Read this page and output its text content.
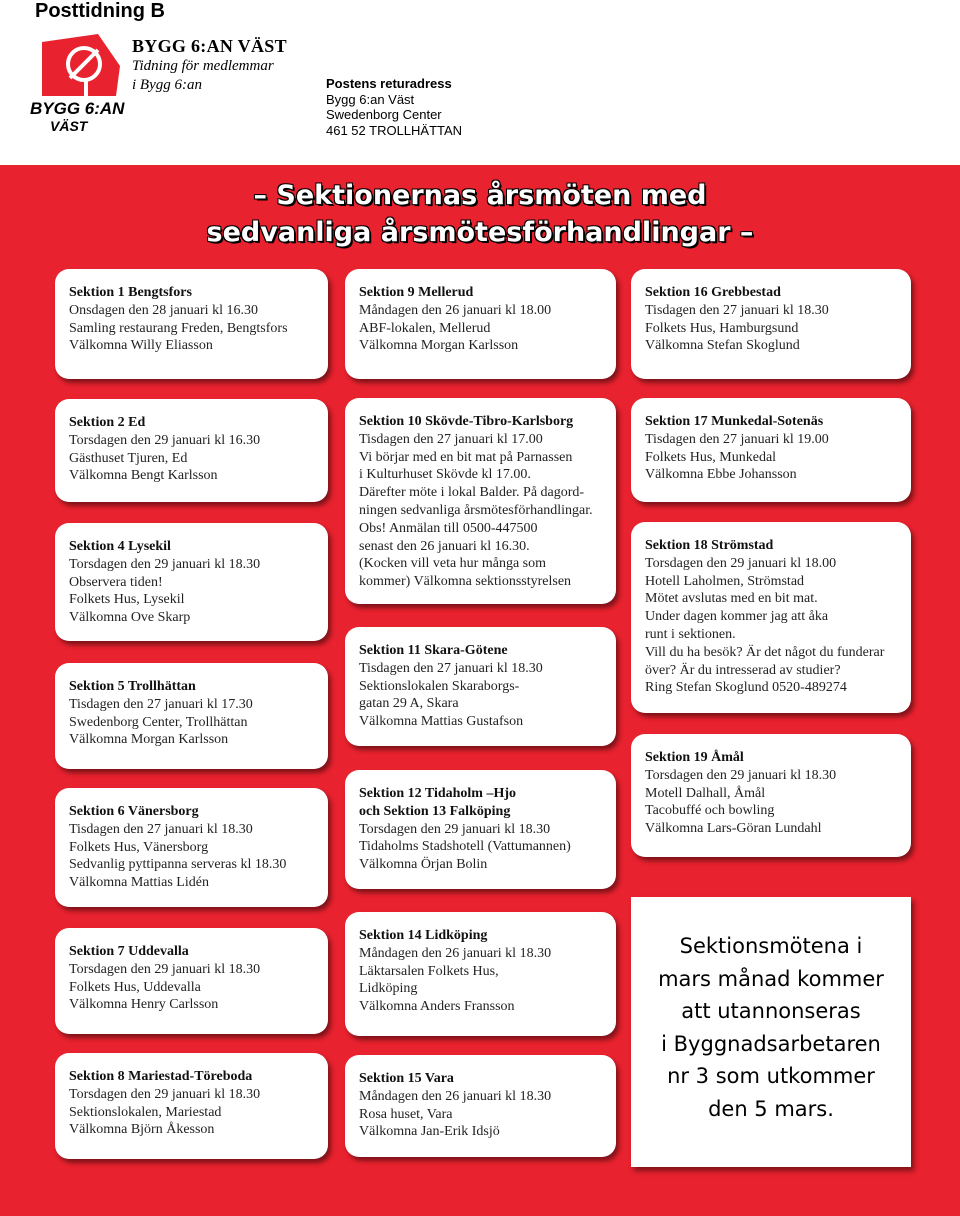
Posttidning B
BYGG 6:AN
VÄST
BYGG 6:AN VÄST
Tidning för medlemmar
i Bygg 6:an	Postens returadress
Bygg 6:an Väst
Swedenborg Center
461 52 TROLLHÄTTAN
– Sektionernas årsmöten med
sedvanliga årsmötesförhandlingar –
Sektion 1 Bengtsfors
Onsdagen den 28 januari kl 16.30
Samling restaurang Freden, Bengtsfors
Välkomna Willy Eliasson
Sektion 2 Ed
Torsdagen den 29 januari kl 16.30
Gästhuset Tjuren, Ed
Välkomna Bengt Karlsson
Sektion 4 Lysekil
Torsdagen den 29 januari kl 18.30
Observera tiden!
Folkets Hus, Lysekil
Välkomna Ove Skarp
Sektion 5 Trollhättan
Tisdagen den 27 januari kl 17.30
Swedenborg Center, Trollhättan
Välkomna Morgan Karlsson
Sektion 6 Vänersborg
Tisdagen den 27 januari kl 18.30
Folkets Hus, Vänersborg
Sedvanlig pyttipanna serveras kl 18.30
Välkomna Mattias Lidén
Sektion 7 Uddevalla
Torsdagen den 29 januari kl 18.30
Folkets Hus, Uddevalla
Välkomna Henry Carlsson
Sektion 8 Mariestad-Töreboda
Torsdagen den 29 januari kl 18.30
Sektionslokalen, Mariestad
Välkomna Björn Åkesson
Sektion 9 Mellerud
Måndagen den 26 januari kl 18.00
ABF-lokalen, Mellerud
Välkomna Morgan Karlsson
Sektion 10 Skövde-Tibro-Karlsborg
Tisdagen den 27 januari kl 17.00
Vi börjar med en bit mat på Parnassen
i Kulturhuset Skövde kl 17.00.
Därefter möte i lokal Balder. På dagord-
ningen sedvanliga årsmötesförhandlingar.
Obs! Anmälan till 0500-447500
senast den 26 januari kl 16.30.
(Kocken vill veta hur många som
kommer) Välkomna sektionsstyrelsen
Sektion 11 Skara-Götene
Tisdagen den 27 januari kl 18.30
Sektionslokalen Skaraborgs-
gatan 29 A, Skara
Välkomna Mattias Gustafson
Sektion 12 Tidaholm –Hjo
och Sektion 13 Falköping
Torsdagen den 29 januari kl 18.30
Tidaholms Stadshotell (Vattumannen)
Välkomna Örjan Bolin
Sektion 14 Lidköping
Måndagen den 26 januari kl 18.30
Läktarsalen Folkets Hus,
Lidköping
Välkomna Anders Fransson
Sektion 15 Vara
Måndagen den 26 januari kl 18.30
Rosa huset, Vara
Välkomna Jan-Erik Idsjö
Sektion 16 Grebbestad
Tisdagen den 27 januari kl 18.30
Folkets Hus, Hamburgsund
Välkomna Stefan Skoglund
Sektion 17 Munkedal-Sotenäs
Tisdagen den 27 januari kl 19.00
Folkets Hus, Munkedal
Välkomna Ebbe Johansson
Sektion 18 Strömstad
Torsdagen den 29 januari kl 18.00
Hotell Laholmen, Strömstad
Mötet avslutas med en bit mat.
Under dagen kommer jag att åka
runt i sektionen.
Vill du ha besök? Är det något du funderar
över? Är du intresserad av studier?
Ring Stefan Skoglund 0520-489274
Sektion 19 Åmål
Torsdagen den 29 januari kl 18.30
Motell Dalhall, Åmål
Tacobuffé och bowling
Välkomna Lars-Göran Lundahl
Sektionsmötena i
mars månad kommer
att utannonseras
i Byggnadsarbetaren
nr 3 som utkommer
den 5 mars.
